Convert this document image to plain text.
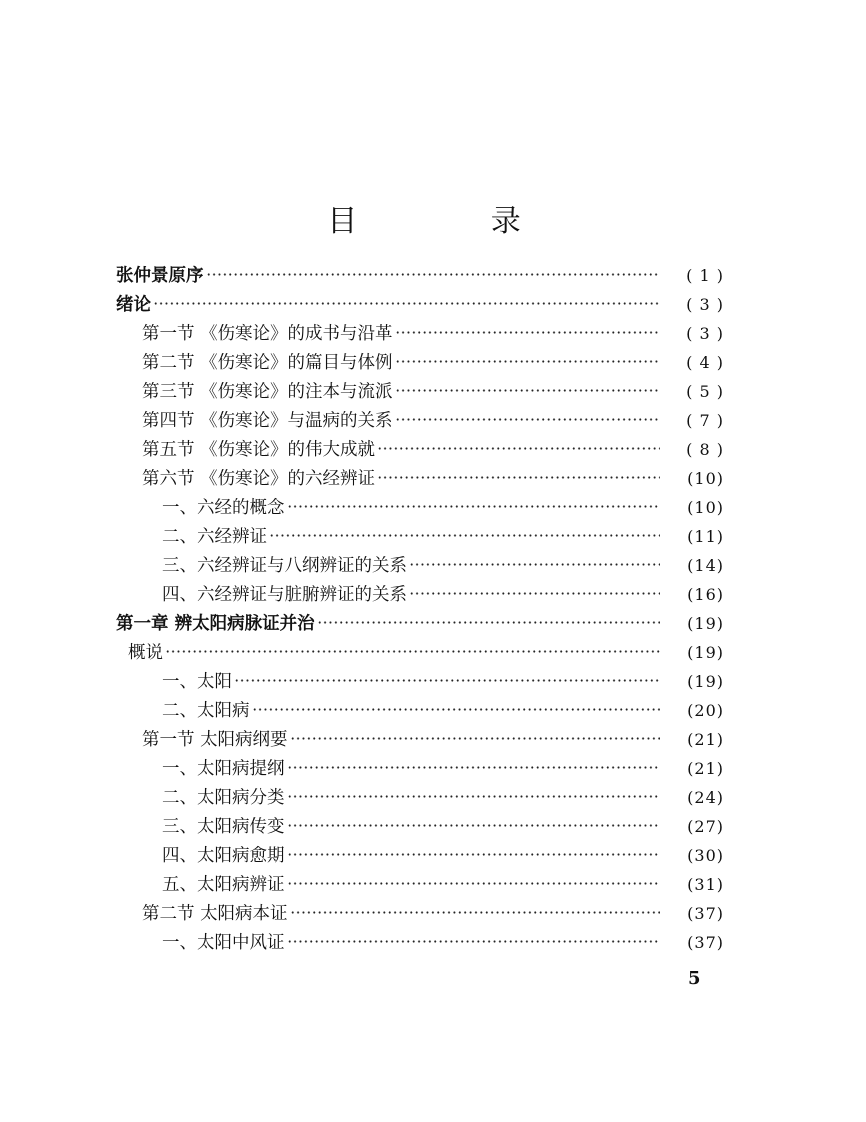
目 录
张仲景原序	( 1 )
绪论	( 3 )
第一节 《伤寒论》的成书与沿革	( 3 )
第二节 《伤寒论》的篇目与体例	( 4 )
第三节 《伤寒论》的注本与流派	( 5 )
第四节 《伤寒论》与温病的关系	( 7 )
第五节 《伤寒论》的伟大成就	( 8 )
第六节 《伤寒论》的六经辨证	(10)
一、六经的概念	(10)
二、六经辨证	(11)
三、六经辨证与八纲辨证的关系	(14)
四、六经辨证与脏腑辨证的关系	(16)
第一章 辨太阳病脉证并治	(19)
概说	(19)
一、太阳	(19)
二、太阳病	(20)
第一节 太阳病纲要	(21)
一、太阳病提纲	(21)
二、太阳病分类	(24)
三、太阳病传变	(27)
四、太阳病愈期	(30)
五、太阳病辨证	(31)
第二节 太阳病本证	(37)
一、太阳中风证	(37)
5
